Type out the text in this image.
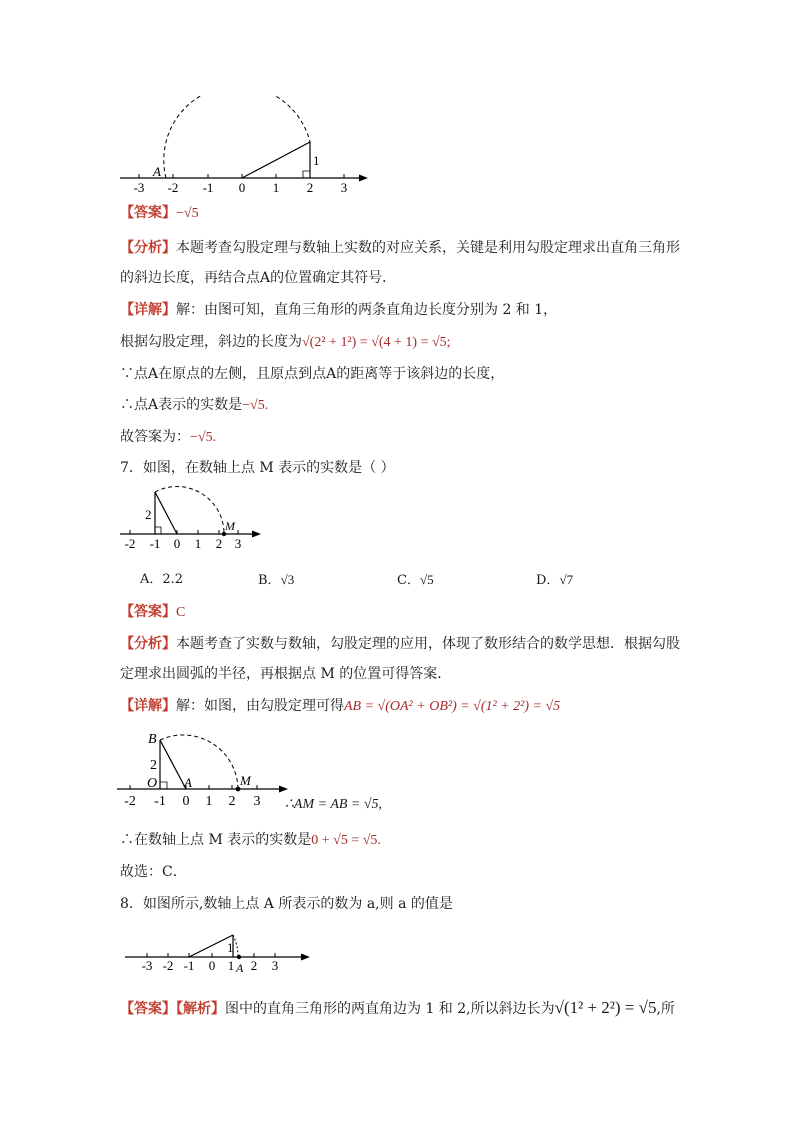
A
1
-3 -2 -1 0 1 2 3
【答案】−√5
【分析】本题考查勾股定理与数轴上实数的对应关系，关键是利用勾股定理求出直角三角形
的斜边长度，再结合点A的位置确定其符号．
【详解】解：由图可知，直角三角形的两条直角边长度分别为 2 和 1，
根据勾股定理，斜边的长度为√(2² + 1²) = √(4 + 1) = √5;
∵点A在原点的左侧，且原点到点A的距离等于该斜边的长度，
∴点A表示的实数是−√5.
故答案为：−√5.
7．如图，在数轴上点 M 表示的实数是（ ）
2
M
-2 -1 0 1 2 3
A．2.2	B．√3	C．√5	D．√7
【答案】C
【分析】本题考查了实数与数轴，勾股定理的应用，体现了数形结合的数学思想．根据勾股
定理求出圆弧的半径，再根据点 M 的位置可得答案．
【详解】解：如图，由勾股定理可得AB = √(OA² + OB²) = √(1² + 2²) = √5
B
2
O A	M
-2 -1 0 1 2 3 ∴AM = AB = √5,
∴在数轴上点 M 表示的实数是0 + √5 = √5.
故选：C．
8．如图所示,数轴上点 A 所表示的数为 a,则 a 的值是
1
A
-3 -2 -1 0 1 2 3
【答案】【解析】图中的直角三角形的两直角边为 1 和 2,所以斜边长为√(1² + 2²) = √5,所
